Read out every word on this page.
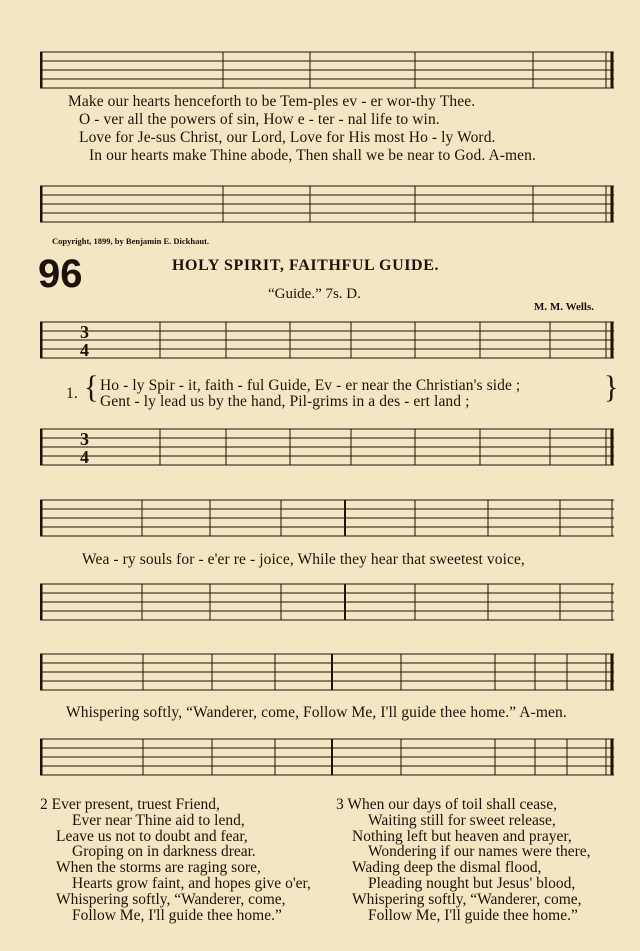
Make our hearts henceforth to be Tem-ples ev - er wor-thy Thee.
O - ver all the powers of sin, How e - ter - nal life to win.
Love for Je-sus Christ, our Lord, Love for His most Ho - ly Word.
In our hearts make Thine abode, Then shall we be near to God. A-men.
Copyright, 1899, by Benjamin E. Dickhaut.
96	HOLY SPIRIT, FAITHFUL GUIDE.
“Guide.” 7s. D.
M. M. Wells.
3
4
1. { Ho - ly Spir - it, faith - ful Guide, Ev - er near the Christian's side ;
Gent - ly lead us by the hand, Pil-grims in a des - ert land ;	}
3
4
Wea - ry souls for - e'er re - joice, While they hear that sweetest voice,
Whispering softly, “Wanderer, come, Follow Me, I'll guide thee home.” A-men.
2 Ever present, truest Friend,
Ever near Thine aid to lend,
Leave us not to doubt and fear,
Groping on in darkness drear.
When the storms are raging sore,
Hearts grow faint, and hopes give o'er,
Whispering softly, “Wanderer, come,
Follow Me, I'll guide thee home.”
3 When our days of toil shall cease,
Waiting still for sweet release,
Nothing left but heaven and prayer,
Wondering if our names were there,
Wading deep the dismal flood,
Pleading nought but Jesus' blood,
Whispering softly, “Wanderer, come,
Follow Me, I'll guide thee home.”
